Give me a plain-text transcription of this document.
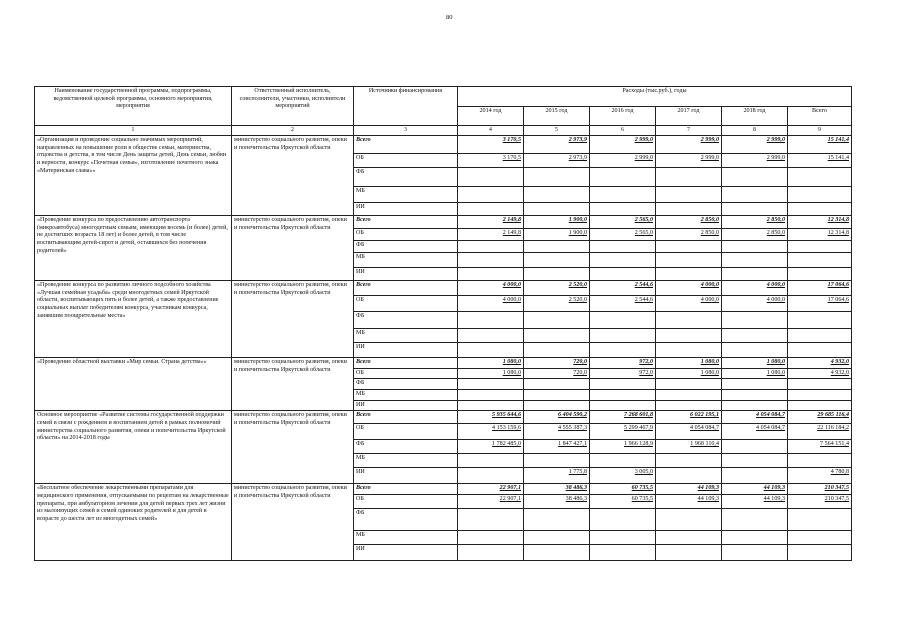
80
Наименование государственной программы, подпрограммы, ведомственной целевой программы, основного мероприятия, мероприятия	Ответственный исполнитель, соисполнители, участники, исполнители мероприятий	Источники финансирования	Расходы (тыс.руб.), годы					
			2014 год	2015 год	2016 год	2017 год	2018 год	Всего
1	2	3	4	5	6	7	8	9
«Организация и проведение социально значимых мероприятий, направленных на повышение роли в обществе семьи, материнства, отцовства и детства, в том числе День защиты детей, День семьи, любви и верности, конкурс «Почетная семья», изготовление почетного знака «Материнская слава»»	министерство социального развития, опеки и попечительства Иркутской области	Всего	3 170,5	2 973,9	2 999,0	2 999,0	2 999,0	15 141,4
		ОБ	3 170,5	2 973,9	2 999,0	2 999,0	2 999,0	15 141,4
		ФБ						
		МБ						
		ИИ						
«Проведение конкурса по предоставлению автотранспорта (микроавтобуса) многодетным семьям, имеющим восемь (и более) детей, не достигших возраста 18 лет) и более детей, в том числе воспитывающим детей-сирот и детей, оставшихся без попечения родителей»	министерство социального развития, опеки и попечительства Иркутской области	Всего	2 149,8	1 900,0	2 565,0	2 850,0	2 850,0	12 314,8
		ОБ	2 149,8	1 900,0	2 565,0	2 850,0	2 850,0	12 314,8
		ФБ						
		МБ						
		ИИ						
«Проведение конкурса по развитию личного подсобного хозяйства «Лучшая семейная усадьба» среди многодетных семей Иркутской области, воспитывающих пять и более детей, а также предоставление социальных выплат победителям конкурса, участникам конкурса, занявшим поощрительные места»	министерство социального развития, опеки и попечительства Иркутской области	Всего	4 000,0	2 520,0	2 544,6	4 000,0	4 000,0	17 064,6
		ОБ	4 000,0	2 520,0	2 544,6	4 000,0	4 000,0	17 064,6
		ФБ						
		МБ						
		ИИ						
«Проведение областной выставки «Мир семьи. Страна детства»»	министерство социального развития, опеки и попечительства Иркутской области	Всего	1 080,0	720,0	972,0	1 080,0	1 080,0	4 932,0
		ОБ	1 080,0	720,0	972,0	1 080,0	1 080,0	4 932,0
		ФБ						
		МБ						
		ИИ						
Основное мероприятие «Развитие системы государственной поддержки семей в связи с рождением и воспитанием детей в рамках полномочий министерства социального развития, опеки и попечительства Иркутской области» на 2014-2018 годы	министерство социального развития, опеки и попечительства Иркутской области	Всего	5 935 644,6	6 404 590,2	7 268 601,8	6 022 195,1	4 054 084,7	29 685 116,4
		ОБ	4 153 159,6	4 555 387,3	5 299 467,9	4 054 084,7	4 054 084,7	22 116 184,2
		ФБ	1 782 485,0	1 847 427,1	1 966 128,9	1 968 110,4		7 564 151,4
		МБ						
		ИИ		1 775,8	3 005,0			4 780,8
«Бесплатное обеспечение лекарственными препаратами для медицинского применения, отпускаемыми по рецептам на лекарственные препараты, при амбулаторном лечении для детей первых трех лет жизни из малоимущих семей и семей одиноких родителей и для детей в возрасте до шести лет из многодетных семей»	министерство социального развития, опеки и попечительства Иркутской области	Всего	22 907,1	38 486,3	60 735,5	44 109,3	44 109,3	210 347,5
		ОБ	22 907,1	38 486,3	60 735,5	44 109,3	44 109,3	210 347,5
		ФБ						
		МБ						
		ИИ						
